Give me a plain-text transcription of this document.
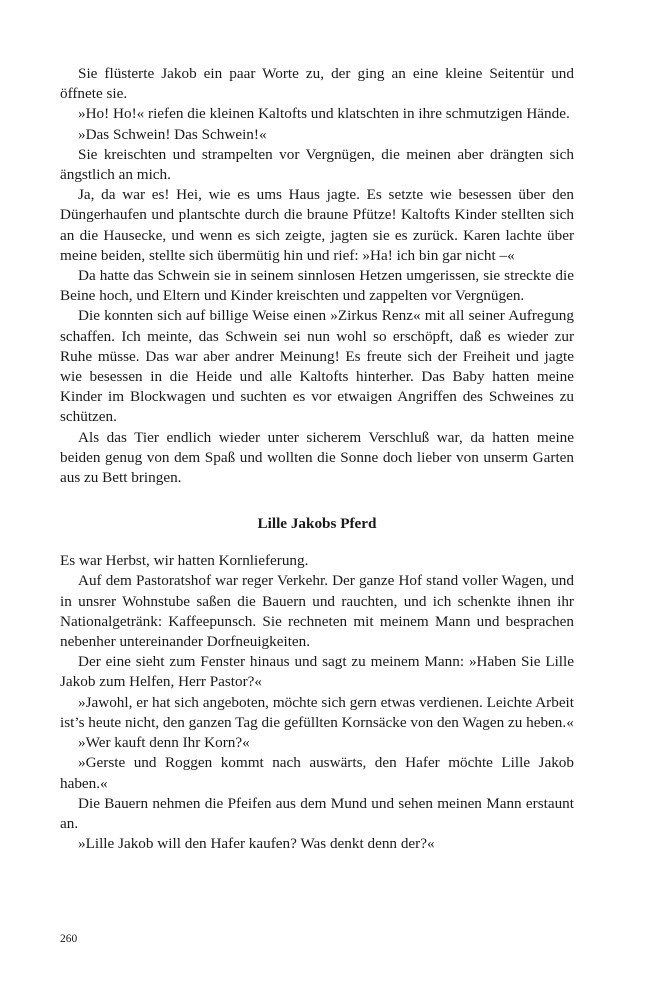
Sie flüsterte Jakob ein paar Worte zu, der ging an eine kleine Seitentür und öffnete sie.

»Ho! Ho!« riefen die kleinen Kaltofts und klatschten in ihre schmutzigen Hände.

»Das Schwein! Das Schwein!«

Sie kreischten und strampelten vor Vergnügen, die meinen aber drängten sich ängstlich an mich.

Ja, da war es! Hei, wie es ums Haus jagte. Es setzte wie besessen über den Düngerhaufen und plantschte durch die braune Pfütze! Kaltofts Kinder stellten sich an die Hausecke, und wenn es sich zeigte, jagten sie es zurück. Karen lachte über meine beiden, stellte sich übermütig hin und rief: »Ha! ich bin gar nicht –«

Da hatte das Schwein sie in seinem sinnlosen Hetzen umgerissen, sie streckte die Beine hoch, und Eltern und Kinder kreischten und zappelten vor Vergnügen.

Die konnten sich auf billige Weise einen »Zirkus Renz« mit all seiner Aufregung schaffen. Ich meinte, das Schwein sei nun wohl so erschöpft, daß es wieder zur Ruhe müsse. Das war aber andrer Meinung! Es freute sich der Freiheit und jagte wie besessen in die Heide und alle Kaltofts hinterher. Das Baby hatten meine Kinder im Blockwagen und suchten es vor etwaigen Angriffen des Schweines zu schützen.

Als das Tier endlich wieder unter sicherem Verschluß war, da hatten meine beiden genug von dem Spaß und wollten die Sonne doch lieber von unserm Garten aus zu Bett bringen.

Lille Jakobs Pferd

Es war Herbst, wir hatten Kornlieferung.

Auf dem Pastoratshof war reger Verkehr. Der ganze Hof stand voller Wagen, und in unsrer Wohnstube saßen die Bauern und rauchten, und ich schenkte ihnen ihr Nationalgetränk: Kaffeepunsch. Sie rechneten mit meinem Mann und besprachen nebenher untereinander Dorfneuigkeiten.

Der eine sieht zum Fenster hinaus und sagt zu meinem Mann: »Haben Sie Lille Jakob zum Helfen, Herr Pastor?«

»Jawohl, er hat sich angeboten, möchte sich gern etwas verdienen. Leichte Arbeit ist’s heute nicht, den ganzen Tag die gefüllten Kornsäcke von den Wagen zu heben.«

»Wer kauft denn Ihr Korn?«

»Gerste und Roggen kommt nach auswärts, den Hafer möchte Lille Jakob haben.«

Die Bauern nehmen die Pfeifen aus dem Mund und sehen meinen Mann erstaunt an.

»Lille Jakob will den Hafer kaufen? Was denkt denn der?«

260
